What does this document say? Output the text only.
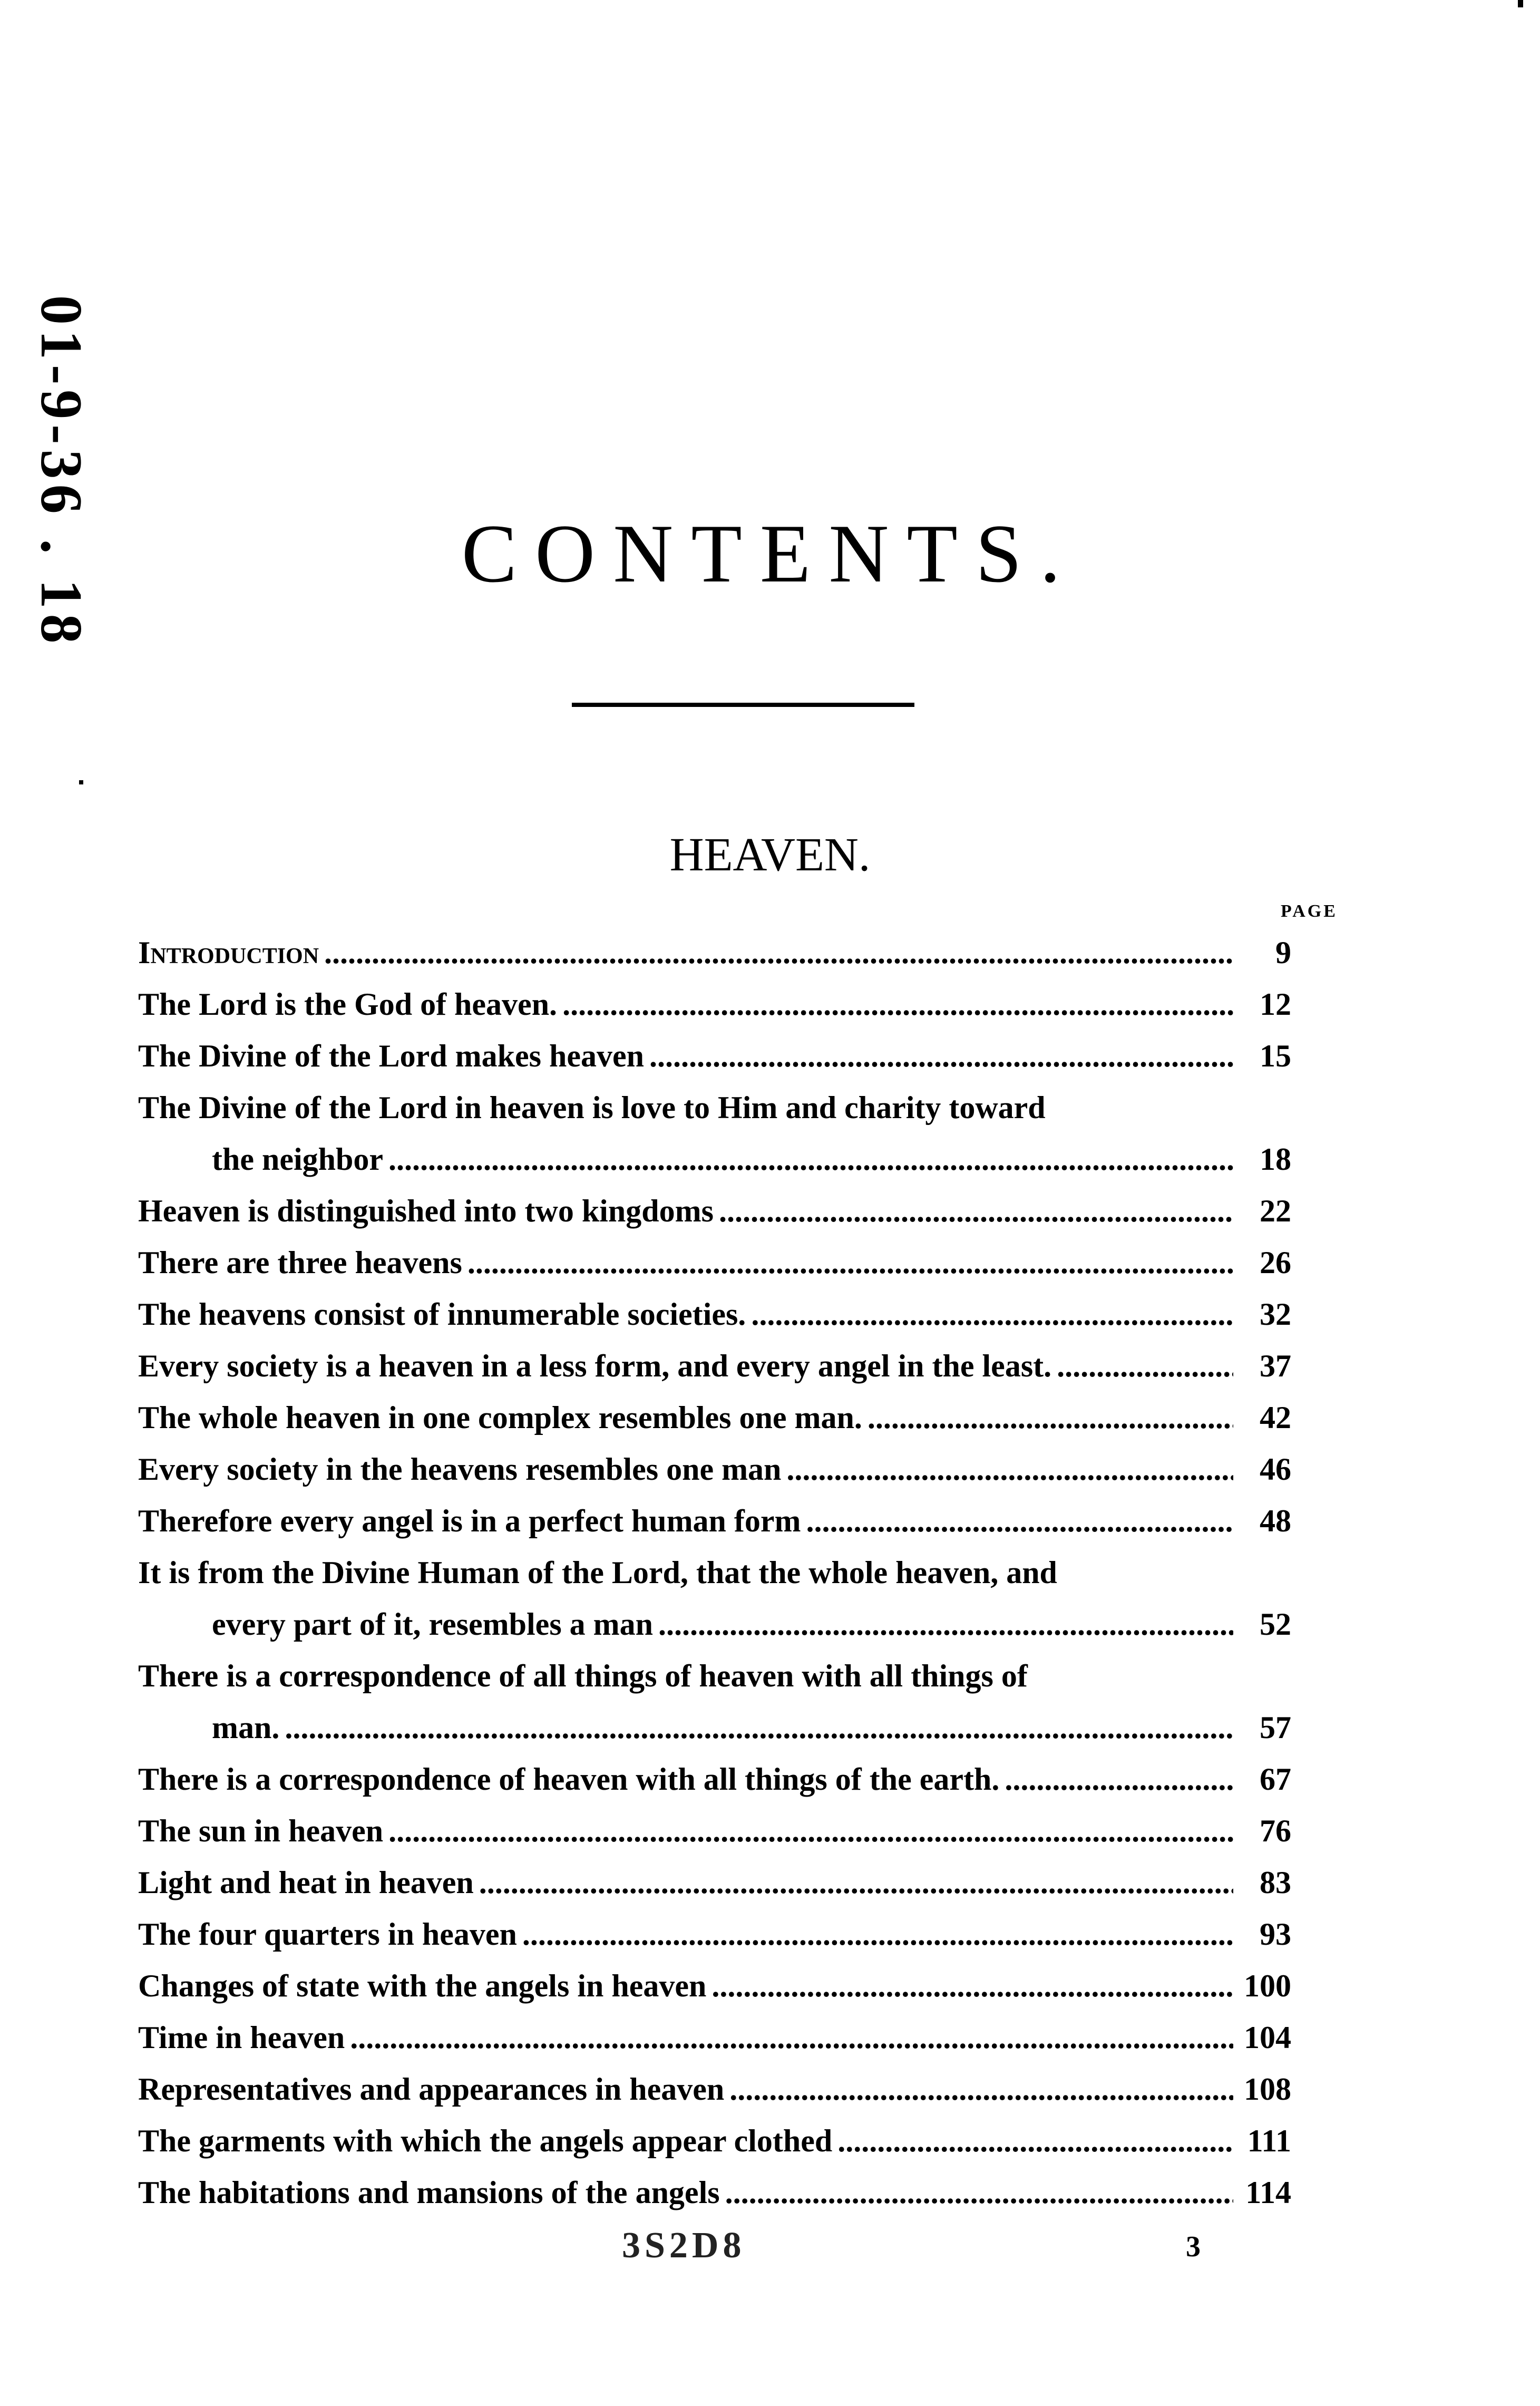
01-9-36 . 18	CONTENTS.
HEAVEN.
PAGE
Introduction .....	9
The Lord is the God of heaven. .....	12
The Divine of the Lord makes heaven .....	15
The Divine of the Lord in heaven is love to Him and charity toward
the neighbor .....	18
Heaven is distinguished into two kingdoms .....	22
There are three heavens .....	26
The heavens consist of innumerable societies. .....	32
Every society is a heaven in a less form, and every angel in the least. .....	37
The whole heaven in one complex resembles one man. .....	42
Every society in the heavens resembles one man .....	46
Therefore every angel is in a perfect human form .....	48
It is from the Divine Human of the Lord, that the whole heaven, and
every part of it, resembles a man .....	52
There is a correspondence of all things of heaven with all things of
man. .....	57
There is a correspondence of heaven with all things of the earth. .....	67
The sun in heaven .....	76
Light and heat in heaven .....	83
The four quarters in heaven .....	93
Changes of state with the angels in heaven .....	100
Time in heaven .....	104
Representatives and appearances in heaven .....	108
The garments with which the angels appear clothed .....	111
The habitations and mansions of the angels .....	114
3S2D8	3
